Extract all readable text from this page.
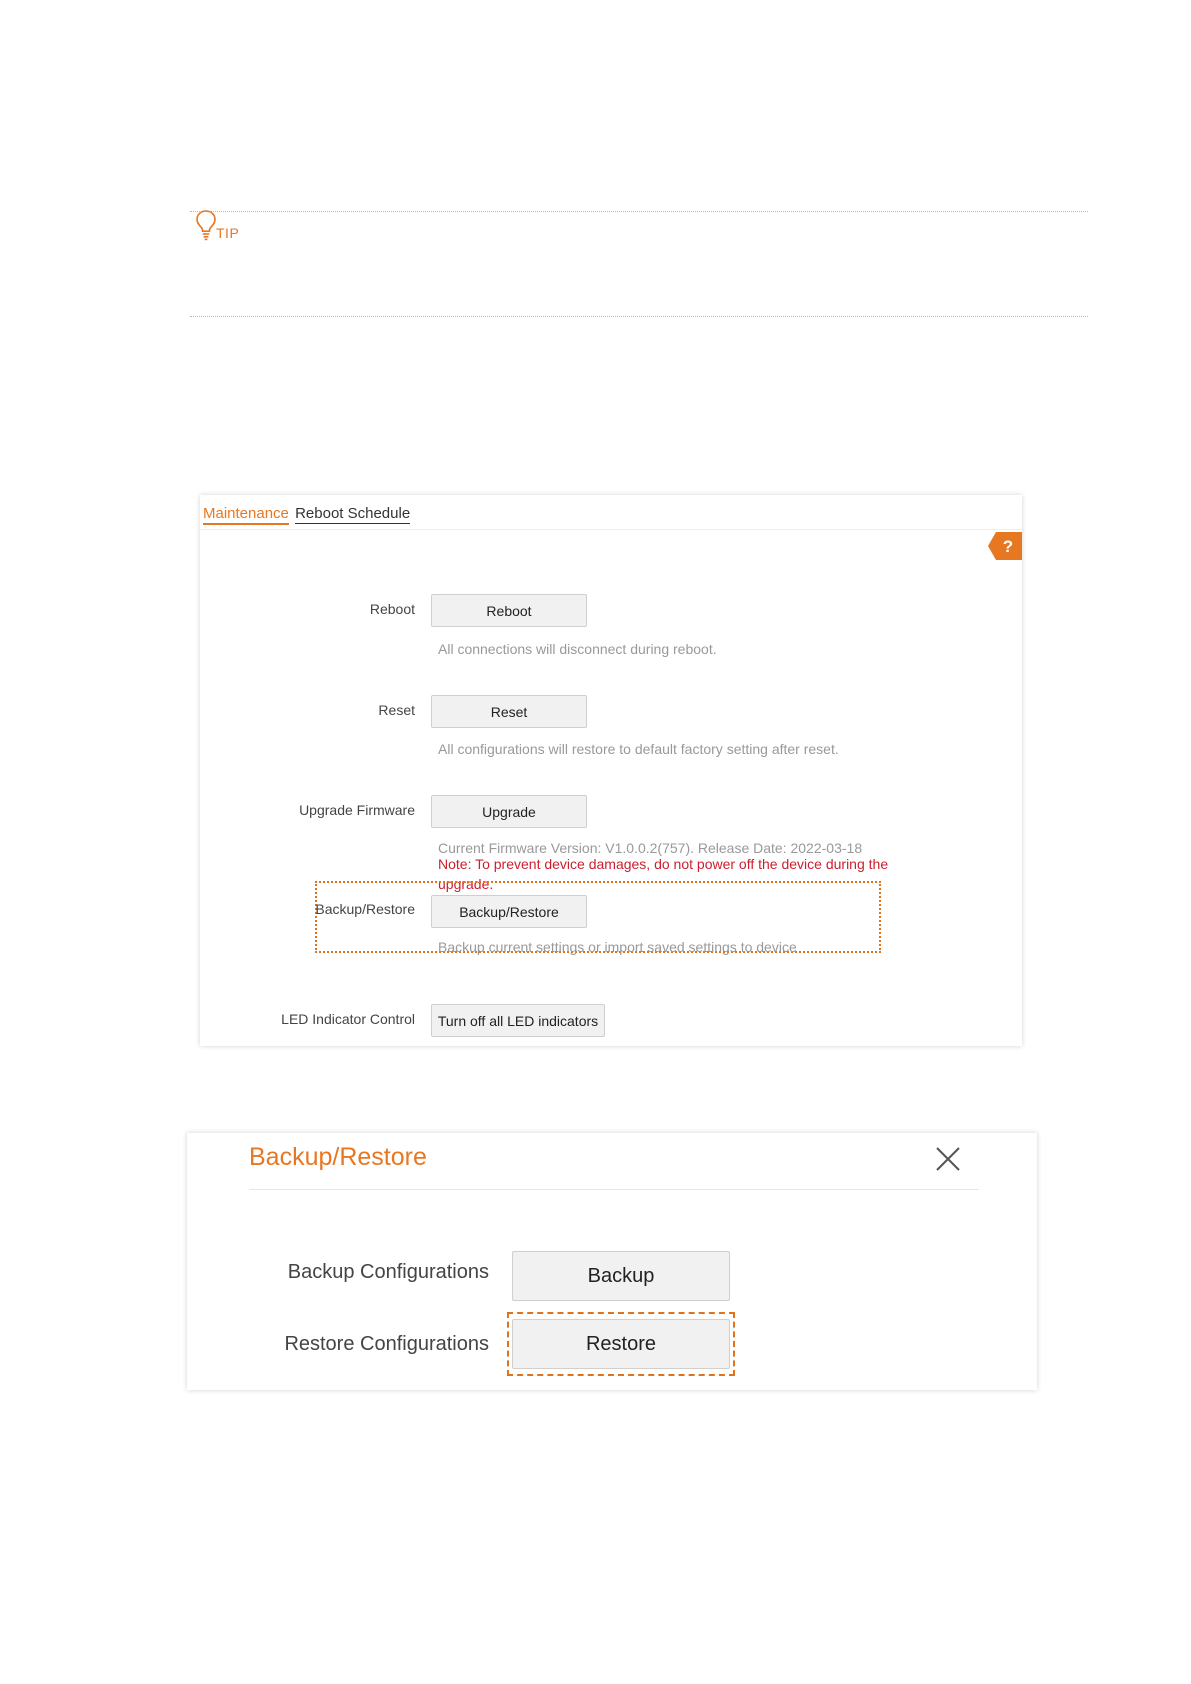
TIP
Maintenance Reboot Schedule
?
Reboot	Reboot
All connections will disconnect during reboot.
Reset	Reset
All configurations will restore to default factory setting after reset.
Upgrade Firmware	Upgrade
Current Firmware Version: V1.0.0.2(757). Release Date: 2022-03-18
Note: To prevent device damages, do not power off the device during the upgrade.
Backup/Restore	Backup/Restore
Backup current settings or import saved settings to device
LED Indicator Control	Turn off all LED indicators
Backup/Restore
Backup Configurations	Backup
Restore Configurations	Restore
